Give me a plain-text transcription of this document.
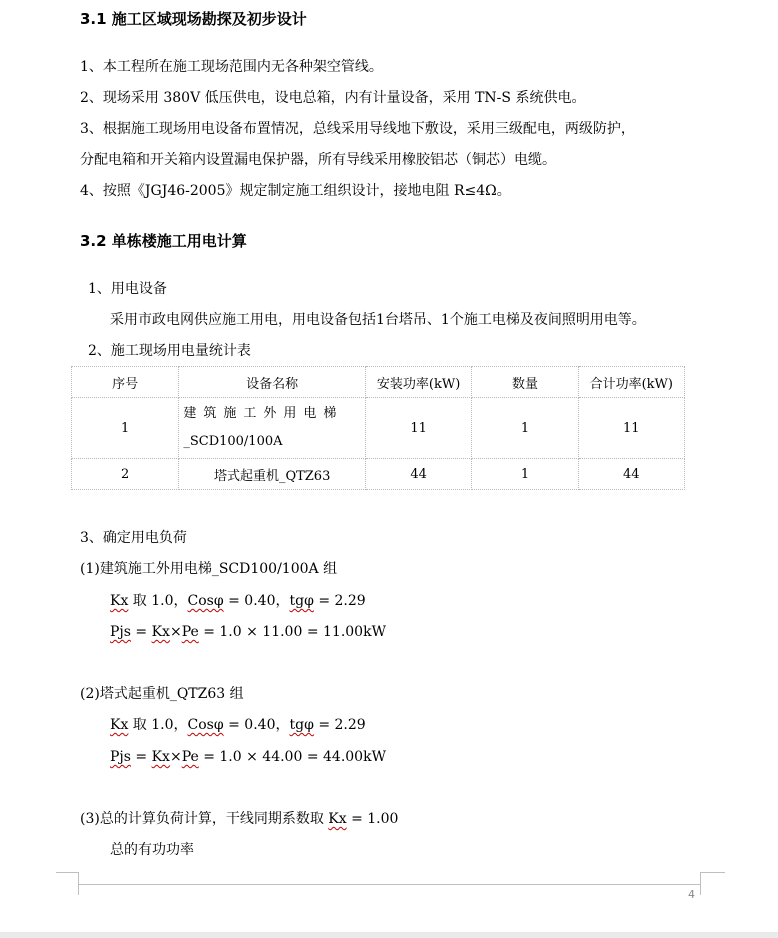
3.1 施工区域现场勘探及初步设计
1、本工程所在施工现场范围内无各种架空管线。
2、现场采用 380V 低压供电，设电总箱，内有计量设备，采用 TN-S 系统供电。
3、根据施工现场用电设备布置情况，总线采用导线地下敷设，采用三级配电，两级防护，
分配电箱和开关箱内设置漏电保护器，所有导线采用橡胶铝芯（铜芯）电缆。
4、按照《JGJ46-2005》规定制定施工组织设计，接地电阻 R≤4Ω。
3.2 单栋楼施工用电计算
1、用电设备
采用市政电网供应施工用电，用电设备包括1台塔吊、1个施工电梯及夜间照明用电等。
2、施工现场用电量统计表
序号	设备名称	安装功率(kW)	数量	合计功率(kW)
1	建筑施工外用电梯
_SCD100/100A	11	1	11
2	塔式起重机_QTZ63	44	1	44
3、确定用电负荷
(1)建筑施工外用电梯_SCD100/100A 组
Kx 取 1.0，Cosφ = 0.40，tgφ = 2.29
Pjs = Kx×Pe = 1.0 × 11.00 = 11.00kW
(2)塔式起重机_QTZ63 组
Kx 取 1.0，Cosφ = 0.40，tgφ = 2.29
Pjs = Kx×Pe = 1.0 × 44.00 = 44.00kW
(3)总的计算负荷计算，干线同期系数取 Kx = 1.00
总的有功功率
4
